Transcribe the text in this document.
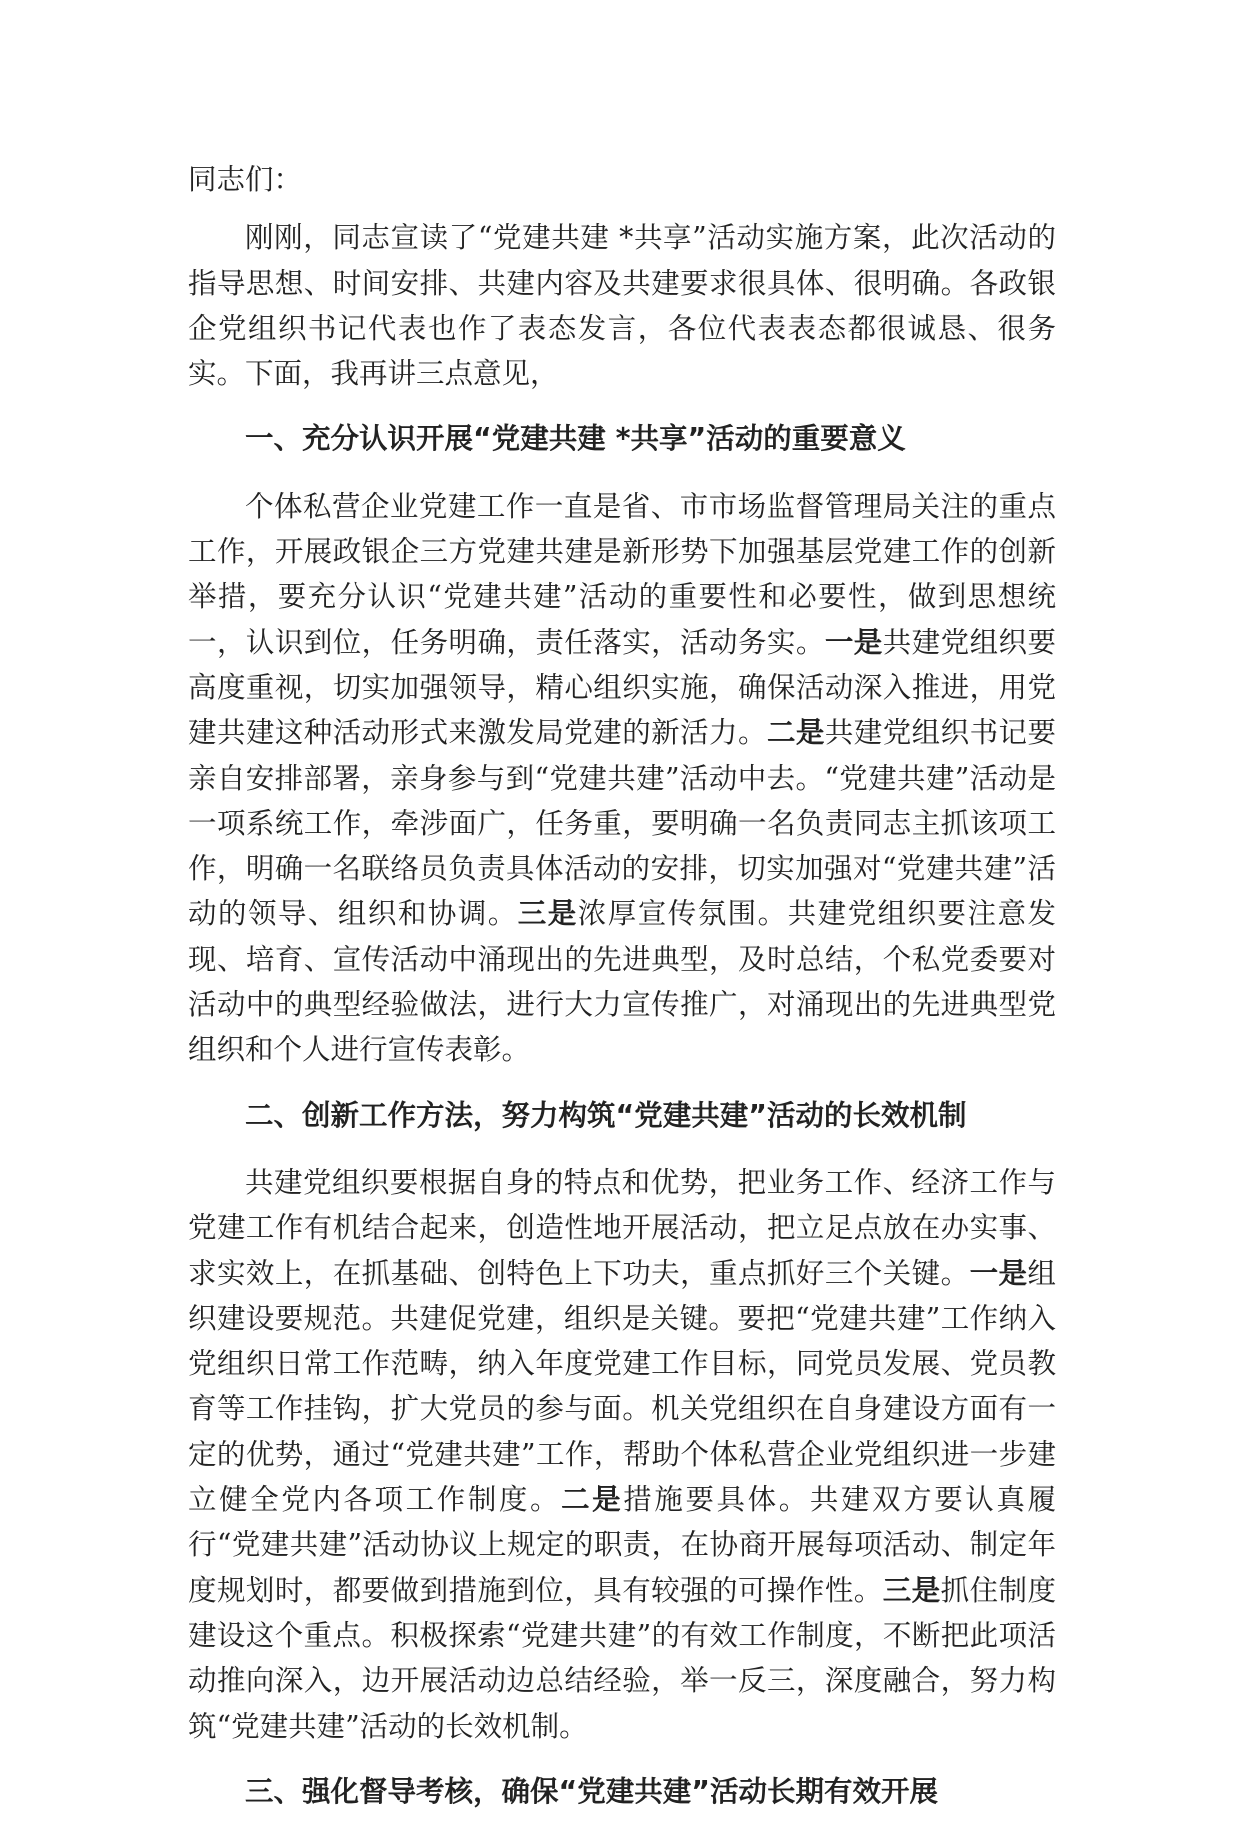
同志们：

刚刚，同志宣读了“党建共建 *共享”活动实施方案，此次活动的指导思想、时间安排、共建内容及共建要求很具体、很明确。各政银企党组织书记代表也作了表态发言，各位代表表态都很诚恳、很务实。下面，我再讲三点意见，

一、充分认识开展“党建共建 *共享”活动的重要意义

个体私营企业党建工作一直是省、市市场监督管理局关注的重点工作，开展政银企三方党建共建是新形势下加强基层党建工作的创新举措，要充分认识“党建共建”活动的重要性和必要性，做到思想统一，认识到位，任务明确，责任落实，活动务实。一是共建党组织要高度重视，切实加强领导，精心组织实施，确保活动深入推进，用党建共建这种活动形式来激发局党建的新活力。二是共建党组织书记要亲自安排部署，亲身参与到“党建共建”活动中去。“党建共建”活动是一项系统工作，牵涉面广，任务重，要明确一名负责同志主抓该项工作，明确一名联络员负责具体活动的安排，切实加强对“党建共建”活动的领导、组织和协调。三是浓厚宣传氛围。共建党组织要注意发现、培育、宣传活动中涌现出的先进典型，及时总结，个私党委要对活动中的典型经验做法，进行大力宣传推广，对涌现出的先进典型党组织和个人进行宣传表彰。

二、创新工作方法，努力构筑“党建共建”活动的长效机制

共建党组织要根据自身的特点和优势，把业务工作、经济工作与党建工作有机结合起来，创造性地开展活动，把立足点放在办实事、求实效上，在抓基础、创特色上下功夫，重点抓好三个关键。一是组织建设要规范。共建促党建，组织是关键。要把“党建共建”工作纳入党组织日常工作范畴，纳入年度党建工作目标，同党员发展、党员教育等工作挂钩，扩大党员的参与面。机关党组织在自身建设方面有一定的优势，通过“党建共建”工作，帮助个体私营企业党组织进一步建立健全党内各项工作制度。二是措施要具体。共建双方要认真履行“党建共建”活动协议上规定的职责，在协商开展每项活动、制定年度规划时，都要做到措施到位，具有较强的可操作性。三是抓住制度建设这个重点。积极探索“党建共建”的有效工作制度，不断把此项活动推向深入，边开展活动边总结经验，举一反三，深度融合，努力构筑“党建共建”活动的长效机制。

三、强化督导考核，确保“党建共建”活动长期有效开展
